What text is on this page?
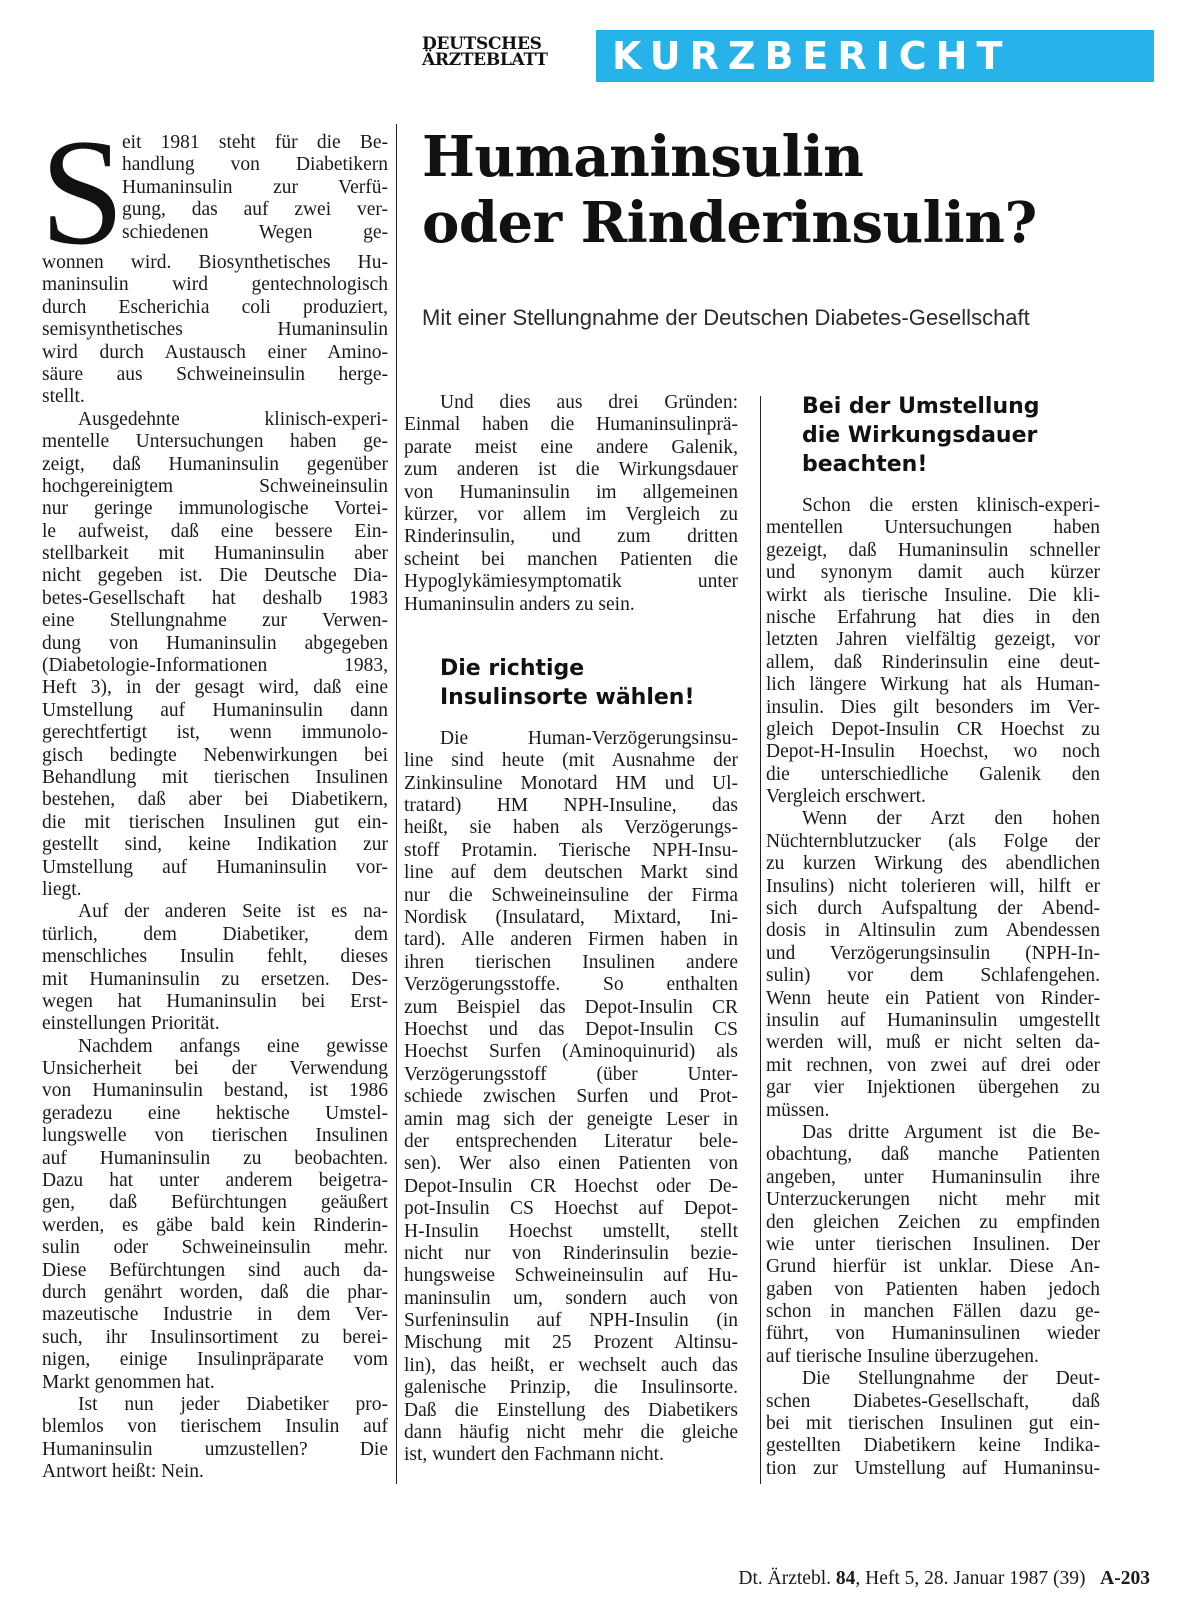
DEUTSCHES
ÄRZTEBLATT	KURZBERICHT
Humaninsulin
oder Rinderinsulin?
Mit einer Stellungnahme der Deutschen Diabetes-Gesellschaft
S
eit 1981 steht für die Be-
handlung von Diabetikern
Humaninsulin zur Verfü-
gung, das auf zwei ver-
schiedenen Wegen ge-
wonnen wird. Biosynthetisches Hu-
maninsulin wird gentechnologisch
durch Escherichia coli produziert,
semisynthetisches Humaninsulin
wird durch Austausch einer Amino-
säure aus Schweineinsulin herge-
stellt.
Ausgedehnte klinisch-experi-
mentelle Untersuchungen haben ge-
zeigt, daß Humaninsulin gegenüber
hochgereinigtem Schweineinsulin
nur geringe immunologische Vortei-
le aufweist, daß eine bessere Ein-
stellbarkeit mit Humaninsulin aber
nicht gegeben ist. Die Deutsche Dia-
betes-Gesellschaft hat deshalb 1983
eine Stellungnahme zur Verwen-
dung von Humaninsulin abgegeben
(Diabetologie-Informationen 1983,
Heft 3), in der gesagt wird, daß eine
Umstellung auf Humaninsulin dann
gerechtfertigt ist, wenn immunolo-
gisch bedingte Nebenwirkungen bei
Behandlung mit tierischen Insulinen
bestehen, daß aber bei Diabetikern,
die mit tierischen Insulinen gut ein-
gestellt sind, keine Indikation zur
Umstellung auf Humaninsulin vor-
liegt.
Auf der anderen Seite ist es na-
türlich, dem Diabetiker, dem
menschliches Insulin fehlt, dieses
mit Humaninsulin zu ersetzen. Des-
wegen hat Humaninsulin bei Erst-
einstellungen Priorität.
Nachdem anfangs eine gewisse
Unsicherheit bei der Verwendung
von Humaninsulin bestand, ist 1986
geradezu eine hektische Umstel-
lungswelle von tierischen Insulinen
auf Humaninsulin zu beobachten.
Dazu hat unter anderem beigetra-
gen, daß Befürchtungen geäußert
werden, es gäbe bald kein Rinderin-
sulin oder Schweineinsulin mehr.
Diese Befürchtungen sind auch da-
durch genährt worden, daß die phar-
mazeutische Industrie in dem Ver-
such, ihr Insulinsortiment zu berei-
nigen, einige Insulinpräparate vom
Markt genommen hat.
Ist nun jeder Diabetiker pro-
blemlos von tierischem Insulin auf
Humaninsulin umzustellen? Die
Antwort heißt: Nein.
Und dies aus drei Gründen:
Einmal haben die Humaninsulinprä-
parate meist eine andere Galenik,
zum anderen ist die Wirkungsdauer
von Humaninsulin im allgemeinen
kürzer, vor allem im Vergleich zu
Rinderinsulin, und zum dritten
scheint bei manchen Patienten die
Hypoglykämiesymptomatik unter
Humaninsulin anders zu sein.
Die richtige
Insulinsorte wählen!
Die Human-Verzögerungsinsu-
line sind heute (mit Ausnahme der
Zinkinsuline Monotard HM und Ul-
tratard) HM NPH-Insuline, das
heißt, sie haben als Verzögerungs-
stoff Protamin. Tierische NPH-Insu-
line auf dem deutschen Markt sind
nur die Schweineinsuline der Firma
Nordisk (Insulatard, Mixtard, Ini-
tard). Alle anderen Firmen haben in
ihren tierischen Insulinen andere
Verzögerungsstoffe. So enthalten
zum Beispiel das Depot-Insulin CR
Hoechst und das Depot-Insulin CS
Hoechst Surfen (Aminoquinurid) als
Verzögerungsstoff (über Unter-
schiede zwischen Surfen und Prot-
amin mag sich der geneigte Leser in
der entsprechenden Literatur bele-
sen). Wer also einen Patienten von
Depot-Insulin CR Hoechst oder De-
pot-Insulin CS Hoechst auf Depot-
H-Insulin Hoechst umstellt, stellt
nicht nur von Rinderinsulin bezie-
hungsweise Schweineinsulin auf Hu-
maninsulin um, sondern auch von
Surfeninsulin auf NPH-Insulin (in
Mischung mit 25 Prozent Altinsu-
lin), das heißt, er wechselt auch das
galenische Prinzip, die Insulinsorte.
Daß die Einstellung des Diabetikers
dann häufig nicht mehr die gleiche
ist, wundert den Fachmann nicht.
Bei der Umstellung
die Wirkungsdauer
beachten!
Schon die ersten klinisch-experi-
mentellen Untersuchungen haben
gezeigt, daß Humaninsulin schneller
und synonym damit auch kürzer
wirkt als tierische Insuline. Die kli-
nische Erfahrung hat dies in den
letzten Jahren vielfältig gezeigt, vor
allem, daß Rinderinsulin eine deut-
lich längere Wirkung hat als Human-
insulin. Dies gilt besonders im Ver-
gleich Depot-Insulin CR Hoechst zu
Depot-H-Insulin Hoechst, wo noch
die unterschiedliche Galenik den
Vergleich erschwert.
Wenn der Arzt den hohen
Nüchternblutzucker (als Folge der
zu kurzen Wirkung des abendlichen
Insulins) nicht tolerieren will, hilft er
sich durch Aufspaltung der Abend-
dosis in Altinsulin zum Abendessen
und Verzögerungsinsulin (NPH-In-
sulin) vor dem Schlafengehen.
Wenn heute ein Patient von Rinder-
insulin auf Humaninsulin umgestellt
werden will, muß er nicht selten da-
mit rechnen, von zwei auf drei oder
gar vier Injektionen übergehen zu
müssen.
Das dritte Argument ist die Be-
obachtung, daß manche Patienten
angeben, unter Humaninsulin ihre
Unterzuckerungen nicht mehr mit
den gleichen Zeichen zu empfinden
wie unter tierischen Insulinen. Der
Grund hierfür ist unklar. Diese An-
gaben von Patienten haben jedoch
schon in manchen Fällen dazu ge-
führt, von Humaninsulinen wieder
auf tierische Insuline überzugehen.
Die Stellungnahme der Deut-
schen Diabetes-Gesellschaft, daß
bei mit tierischen Insulinen gut ein-
gestellten Diabetikern keine Indika-
tion zur Umstellung auf Humaninsu-
Dt. Ärztebl. 84, Heft 5, 28. Januar 1987 (39) A-203
